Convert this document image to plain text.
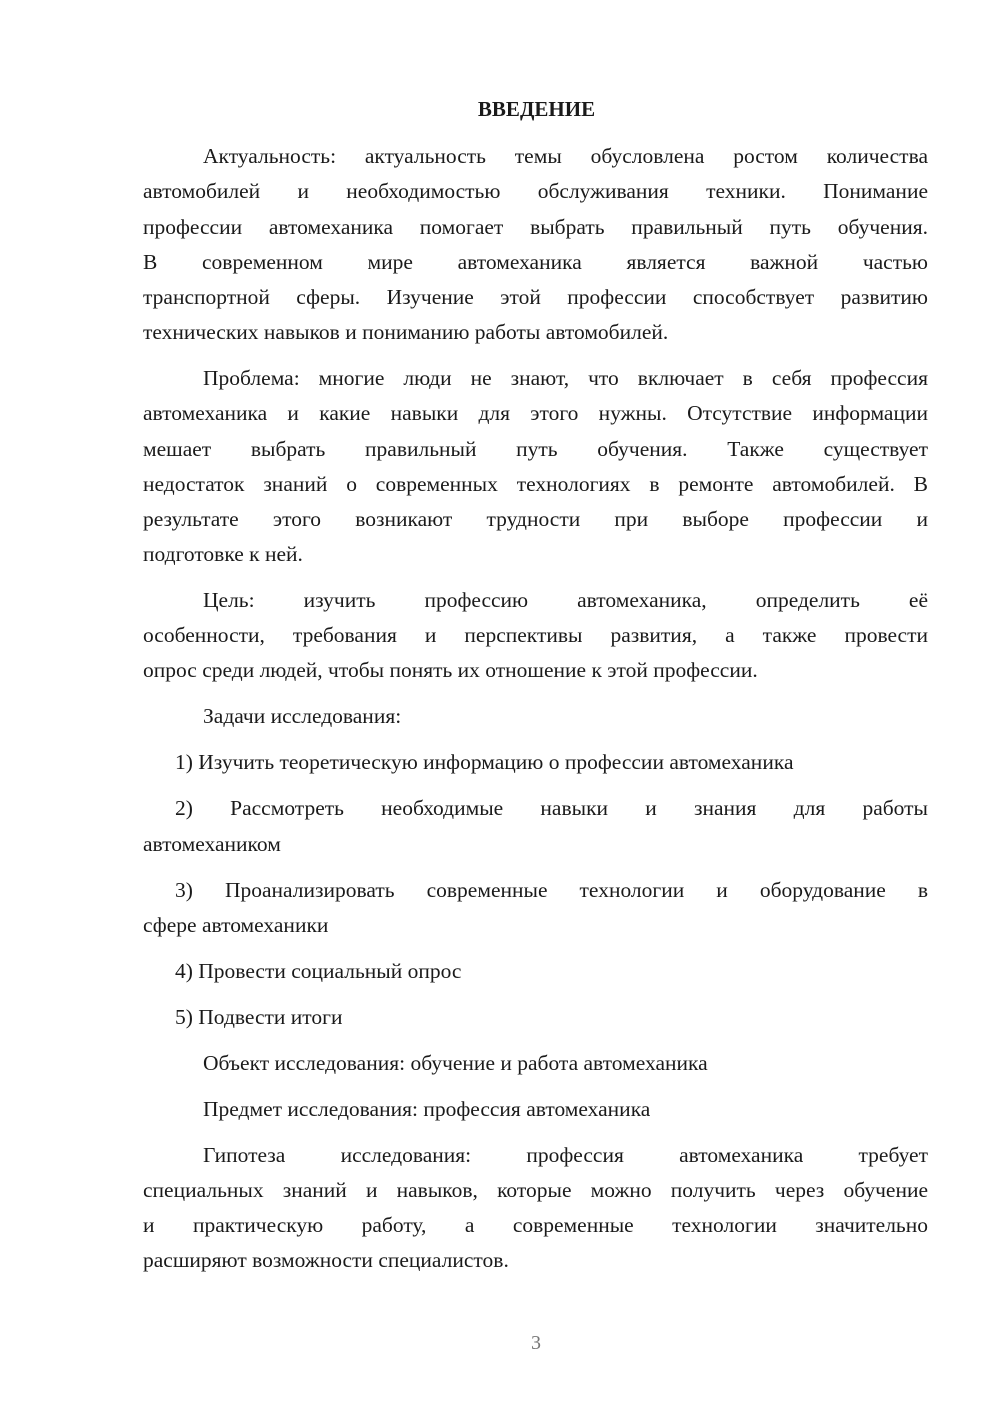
ВВЕДЕНИЕ
Актуальность: актуальность темы обусловлена ростом количества
автомобилей и необходимостью обслуживания техники. Понимание
профессии автомеханика помогает выбрать правильный путь обучения.
В современном мире автомеханика является важной частью
транспортной сферы. Изучение этой профессии способствует развитию
технических навыков и пониманию работы автомобилей.
Проблема: многие люди не знают, что включает в себя профессия
автомеханика и какие навыки для этого нужны. Отсутствие информации
мешает выбрать правильный путь обучения. Также существует
недостаток знаний о современных технологиях в ремонте автомобилей. В
результате этого возникают трудности при выборе профессии и
подготовке к ней.
Цель: изучить профессию автомеханика, определить её
особенности, требования и перспективы развития, а также провести
опрос среди людей, чтобы понять их отношение к этой профессии.
Задачи исследования:
1) Изучить теоретическую информацию о профессии автомеханика
2) Рассмотреть необходимые навыки и знания для работы
автомехаником
3) Проанализировать современные технологии и оборудование в
сфере автомеханики
4) Провести социальный опрос
5) Подвести итоги
Объект исследования: обучение и работа автомеханика
Предмет исследования: профессия автомеханика
Гипотеза исследования: профессия автомеханика требует
специальных знаний и навыков, которые можно получить через обучение
и практическую работу, а современные технологии значительно
расширяют возможности специалистов.
3
